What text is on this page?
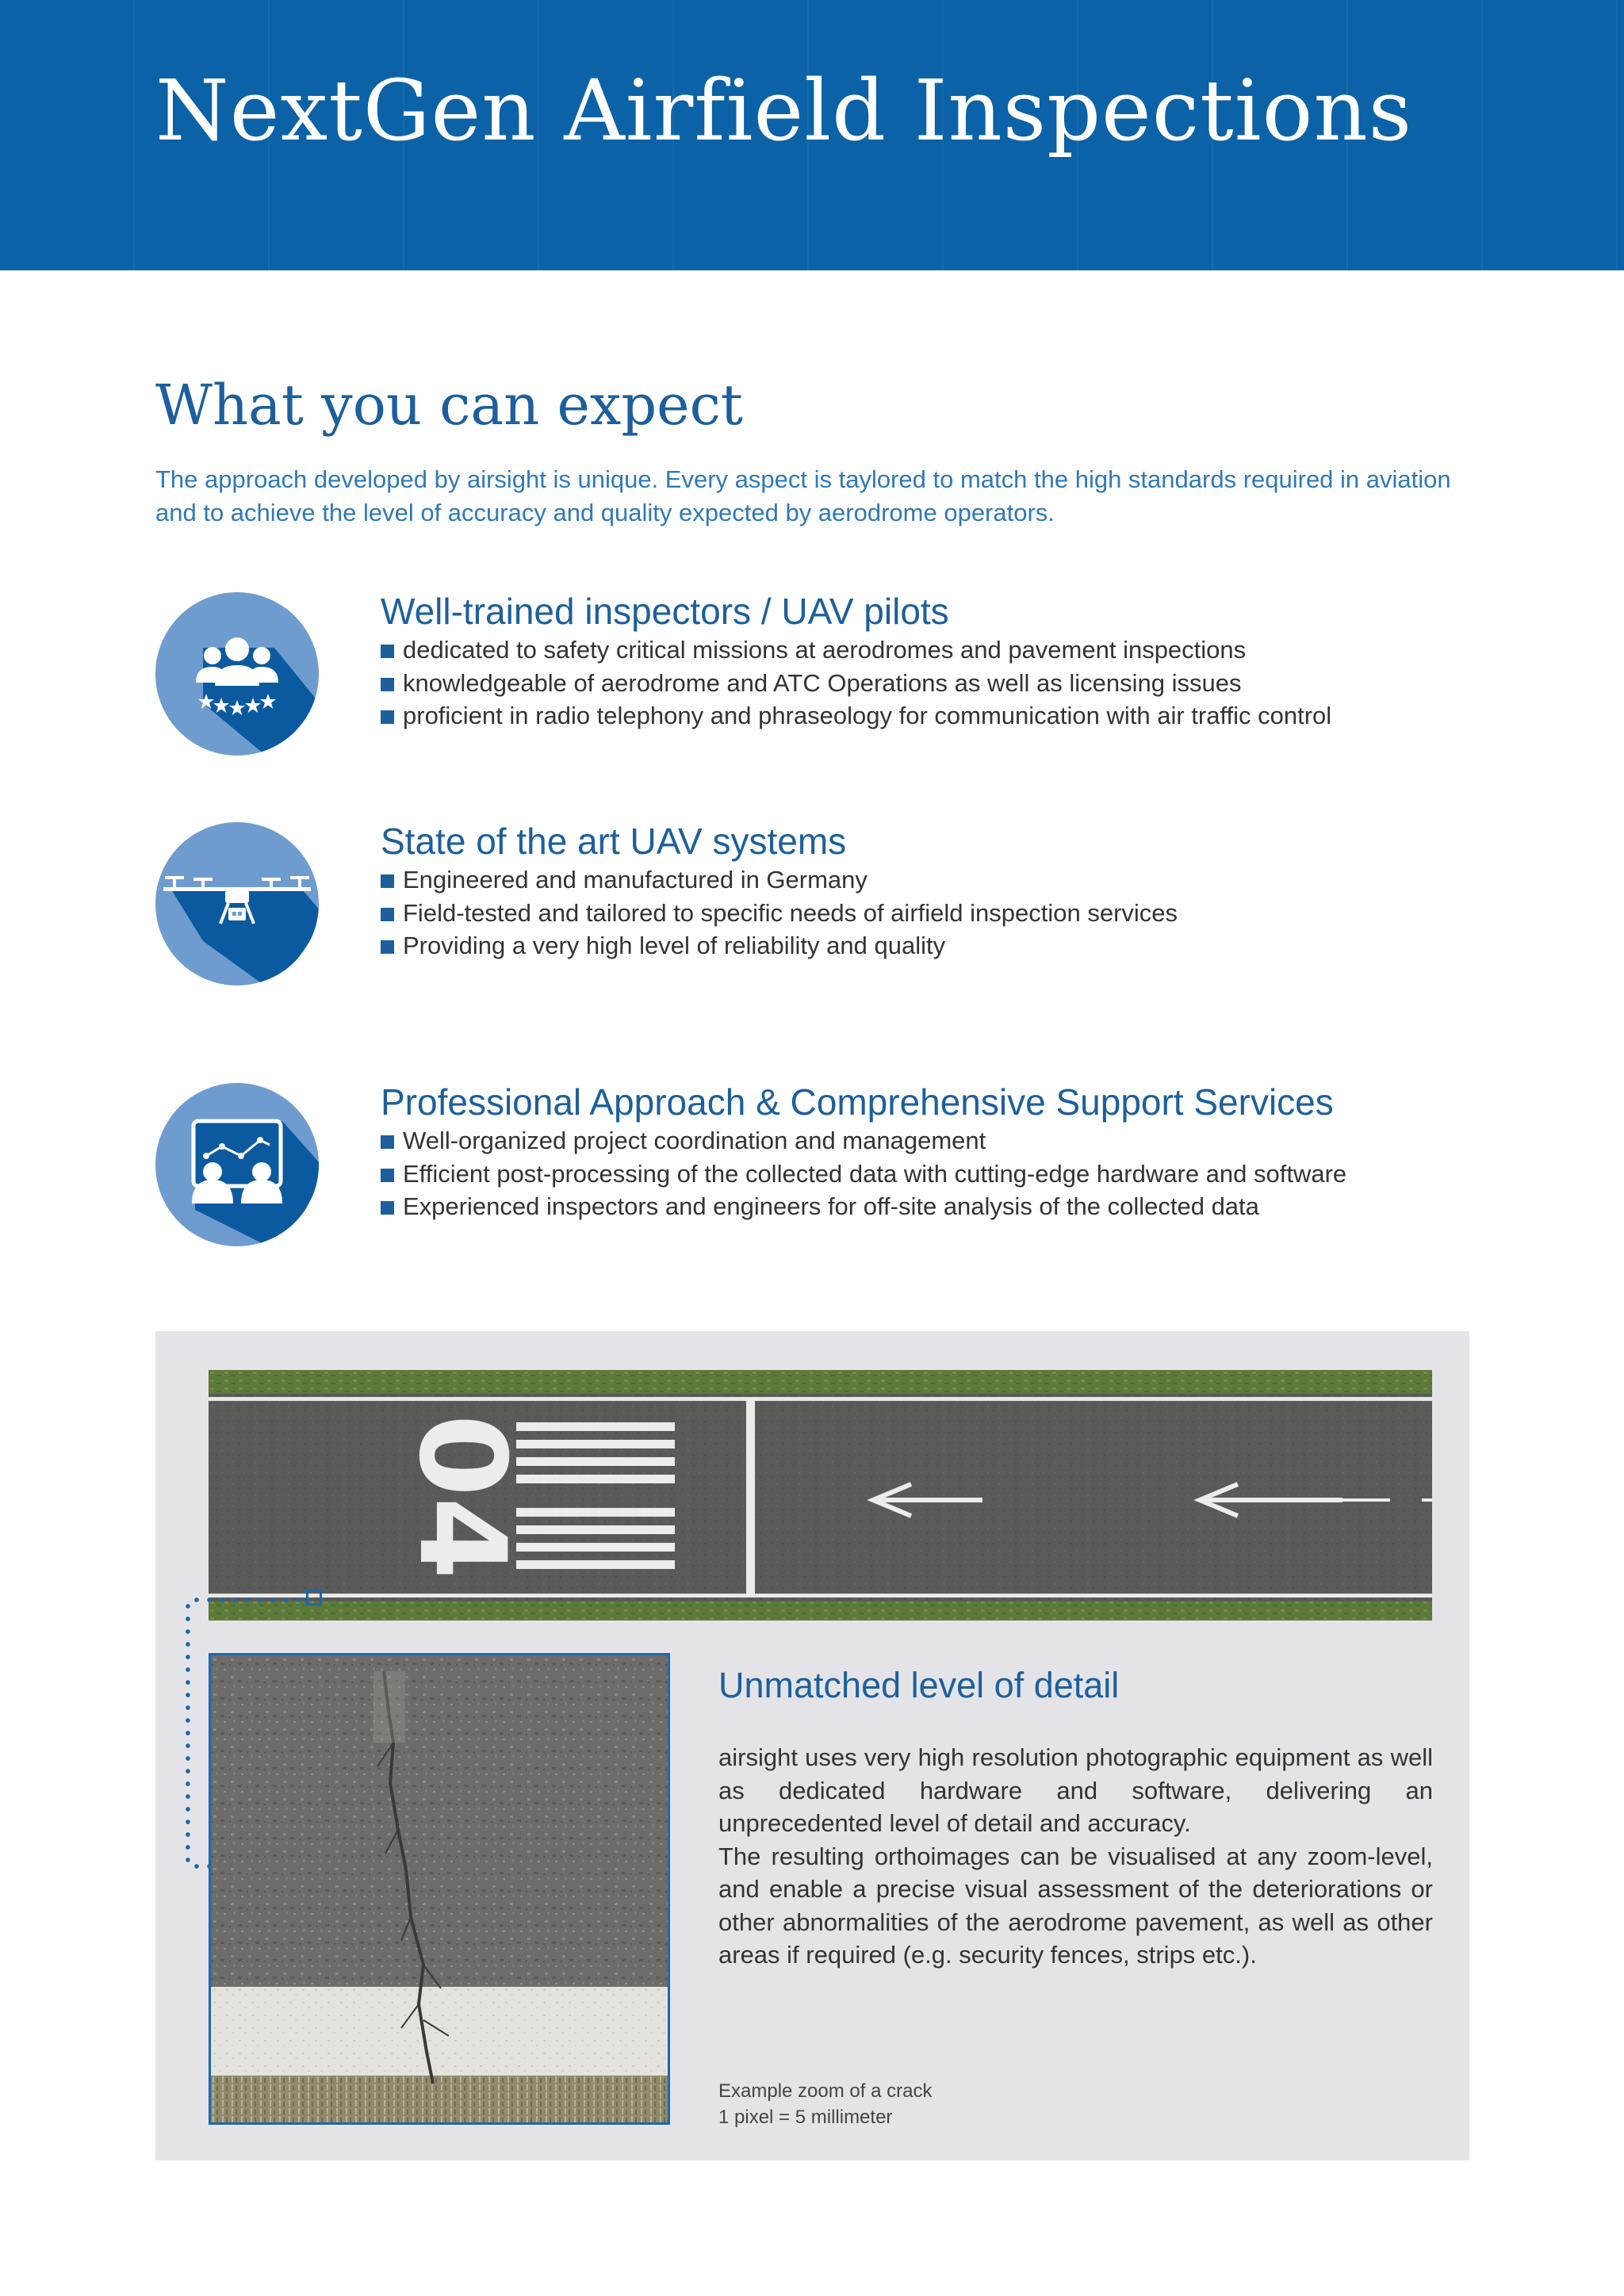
NextGen Airfield Inspections
What you can expect

The approach developed by airsight is unique. Every aspect is taylored to match the high standards required in aviation and to achieve the level of accuracy and quality expected by aerodrome operators.

Well-trained inspectors / UAV pilots
dedicated to safety critical missions at aerodromes and pavement inspections
knowledgeable of aerodrome and ATC Operations as well as licensing issues
proficient in radio telephony and phraseology for communication with air traffic control
State of the art UAV systems
Engineered and manufactured in Germany
Field-tested and tailored to specific needs of airfield inspection services
Providing a very high level of reliability and quality
Professional Approach & Comprehensive Support Services
Well-organized project coordination and management
Efficient post-processing of the collected data with cutting-edge hardware and software
Experienced inspectors and engineers for off-site analysis of the collected data
04
Unmatched level of detail
airsight uses very high resolution photographic equipment as well as dedicated hardware and software, delivering an unprecedented level of detail and accuracy.
The resulting orthoimages can be visualised at any zoom-level, and enable a precise visual assessment of the deteriorations or other abnormalities of the aerodrome pavement, as well as other areas if required (e.g. security fences, strips etc.).
Example zoom of a crack
1 pixel = 5 millimeter
